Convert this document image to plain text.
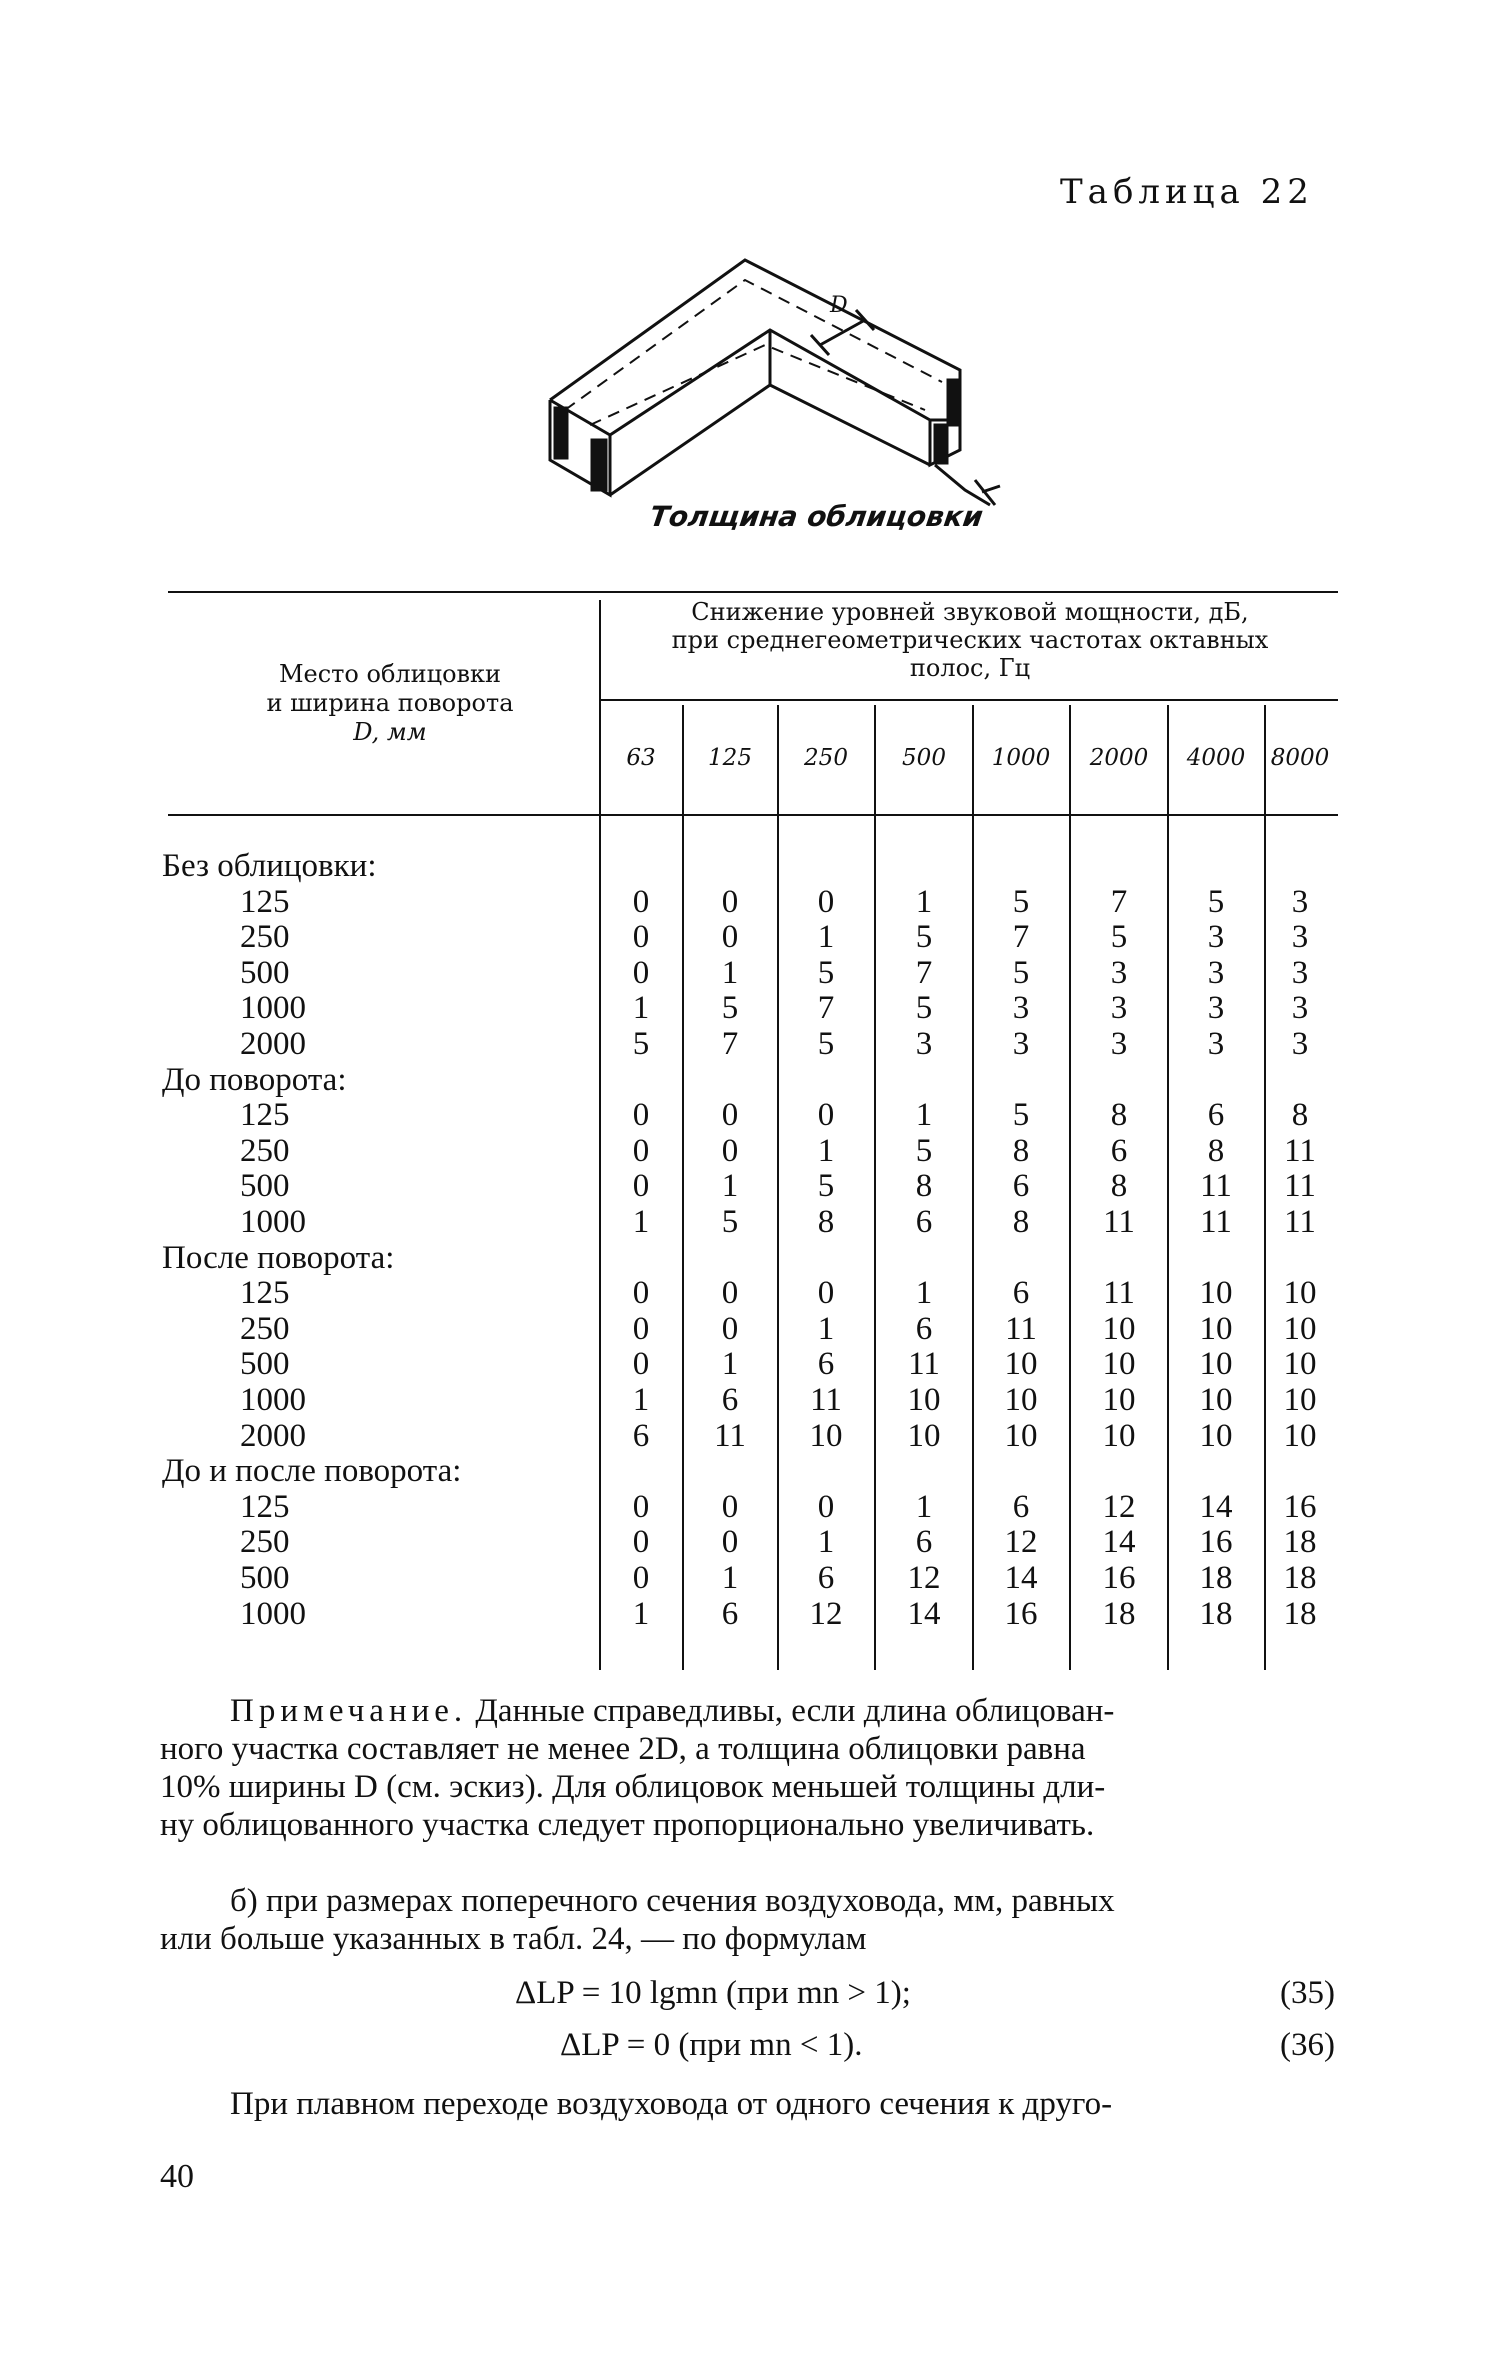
Таблица 22
D
Толщина облицовки
Место облицовки
и ширина поворота
D, мм
Снижение уровней звуковой мощности, дБ,
при среднегеометрических частотах октавных
полос, Гц
63	125	250	500	1000	2000	4000	8000
Без облицовки:
125	0	0	0	1	5	7	5	3
250	0	0	1	5	7	5	3	3
500	0	1	5	7	5	3	3	3
1000	1	5	7	5	3	3	3	3
2000	5	7	5	3	3	3	3	3
До поворота:
125	0	0	0	1	5	8	6	8
250	0	0	1	5	8	6	8	11
500	0	1	5	8	6	8	11	11
1000	1	5	8	6	8	11	11	11
После поворота:
125	0	0	0	1	6	11	10	10
250	0	0	1	6	11	10	10	10
500	0	1	6	11	10	10	10	10
1000	1	6	11	10	10	10	10	10
2000	6	11	10	10	10	10	10	10
До и после поворота:
125	0	0	0	1	6	12	14	16
250	0	0	1	6	12	14	16	18
500	0	1	6	12	14	16	18	18
1000	1	6	12	14	16	18	18	18
Примечание. Данные справедливы, если длина облицован-
ного участка составляет не менее 2D, а толщина облицовки равна
10% ширины D (см. эскиз). Для облицовок меньшей толщины дли-
ну облицованного участка следует пропорционально увеличивать.
б) при размерах поперечного сечения воздуховода, мм, равных
или больше указанных в табл. 24, — по формулам
ΔLP = 10 lgmn (при mn > 1);	(35)
ΔLP = 0 (при mn < 1).	(36)
При плавном переходе воздуховода от одного сечения к друго-
40
